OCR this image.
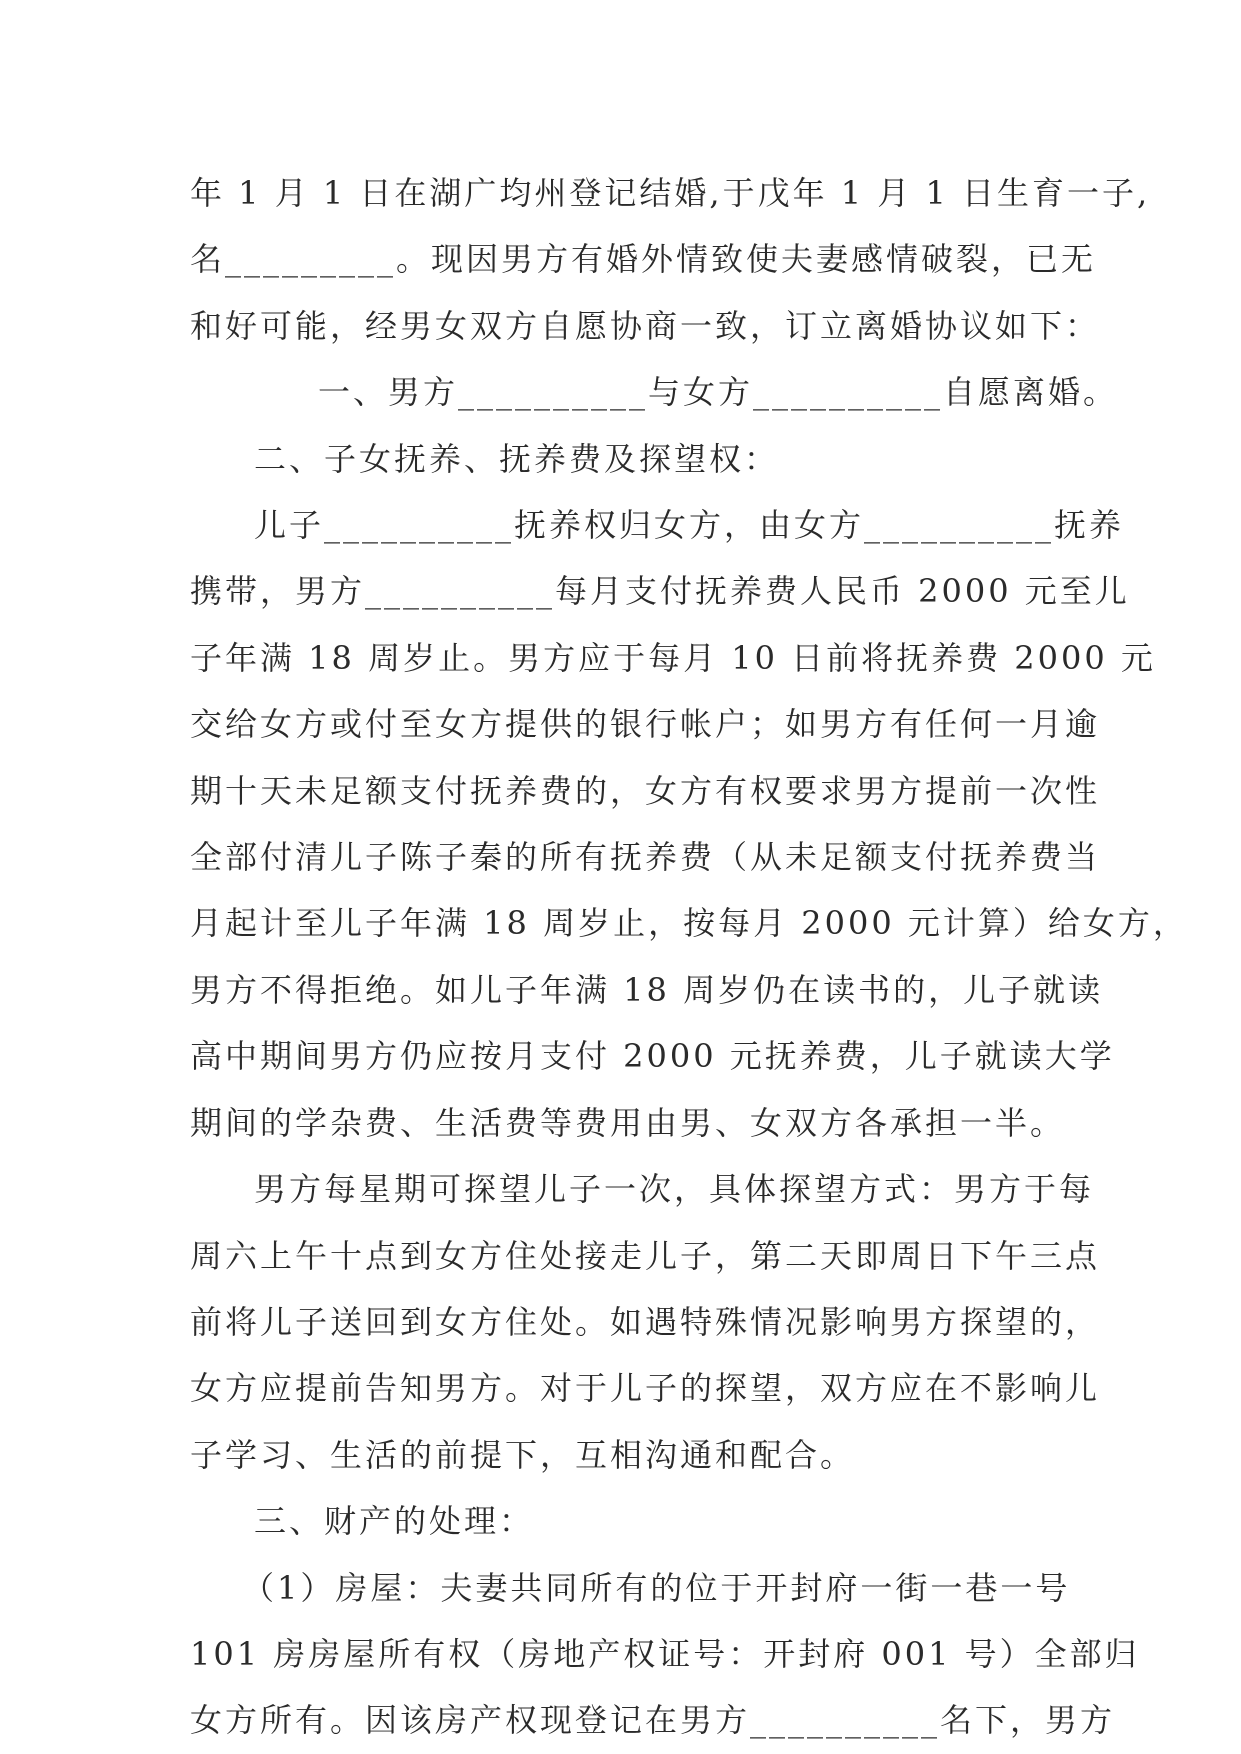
年 1 月 1 日在湖广均州登记结婚,于戊年 1 月 1 日生育一子,
名_________。现因男方有婚外情致使夫妻感情破裂，已无
和好可能，经男女双方自愿协商一致，订立离婚协议如下：
一、男方__________与女方__________自愿离婚。
二、子女抚养、抚养费及探望权：
儿子__________抚养权归女方，由女方__________抚养
携带，男方__________每月支付抚养费人民币 2000 元至儿
子年满 18 周岁止。男方应于每月 10 日前将抚养费 2000 元
交给女方或付至女方提供的银行帐户；如男方有任何一月逾
期十天未足额支付抚养费的，女方有权要求男方提前一次性
全部付清儿子陈子秦的所有抚养费（从未足额支付抚养费当
月起计至儿子年满 18 周岁止，按每月 2000 元计算）给女方，
男方不得拒绝。如儿子年满 18 周岁仍在读书的，儿子就读
高中期间男方仍应按月支付 2000 元抚养费，儿子就读大学
期间的学杂费、生活费等费用由男、女双方各承担一半。
男方每星期可探望儿子一次，具体探望方式：男方于每
周六上午十点到女方住处接走儿子，第二天即周日下午三点
前将儿子送回到女方住处。如遇特殊情况影响男方探望的，
女方应提前告知男方。对于儿子的探望，双方应在不影响儿
子学习、生活的前提下，互相沟通和配合。
三、财产的处理：
（1）房屋：夫妻共同所有的位于开封府一街一巷一号
101 房房屋所有权（房地产权证号：开封府 001 号）全部归
女方所有。因该房产权现登记在男方__________名下，男方
